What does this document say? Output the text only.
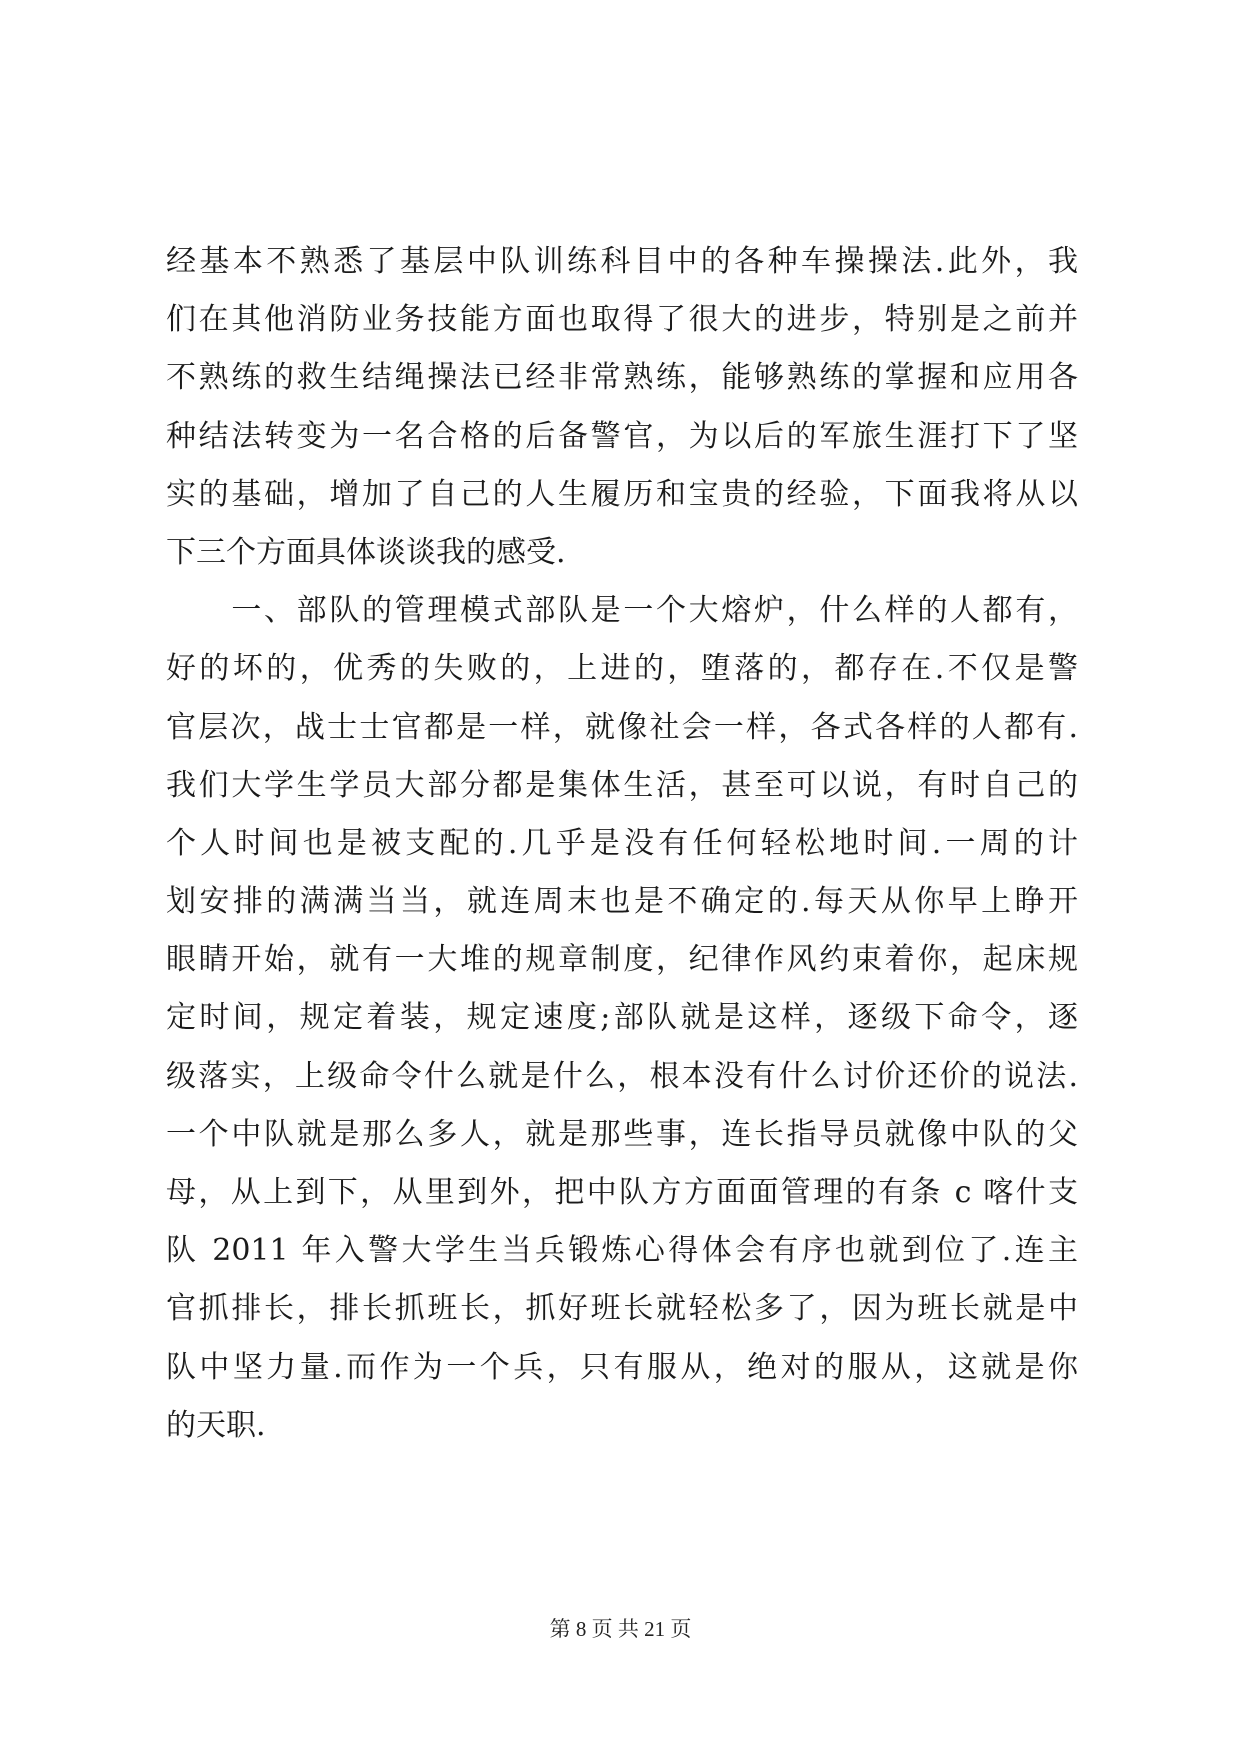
经基本不熟悉了基层中队训练科目中的各种车操操法.此外，我
们在其他消防业务技能方面也取得了很大的进步，特别是之前并
不熟练的救生结绳操法已经非常熟练，能够熟练的掌握和应用各
种结法转变为一名合格的后备警官，为以后的军旅生涯打下了坚
实的基础，增加了自己的人生履历和宝贵的经验，下面我将从以
下三个方面具体谈谈我的感受.
　　一、部队的管理模式部队是一个大熔炉，什么样的人都有，
好的坏的，优秀的失败的，上进的，堕落的，都存在.不仅是警
官层次，战士士官都是一样，就像社会一样，各式各样的人都有.
我们大学生学员大部分都是集体生活，甚至可以说，有时自己的
个人时间也是被支配的.几乎是没有任何轻松地时间.一周的计
划安排的满满当当，就连周末也是不确定的.每天从你早上睁开
眼睛开始，就有一大堆的规章制度，纪律作风约束着你，起床规
定时间，规定着装，规定速度;部队就是这样，逐级下命令，逐
级落实，上级命令什么就是什么，根本没有什么讨价还价的说法.
一个中队就是那么多人，就是那些事，连长指导员就像中队的父
母，从上到下，从里到外，把中队方方面面管理的有条 c 喀什支
队 2011 年入警大学生当兵锻炼心得体会有序也就到位了.连主
官抓排长，排长抓班长，抓好班长就轻松多了，因为班长就是中
队中坚力量.而作为一个兵，只有服从，绝对的服从，这就是你
的天职.
第 8 页 共 21 页
